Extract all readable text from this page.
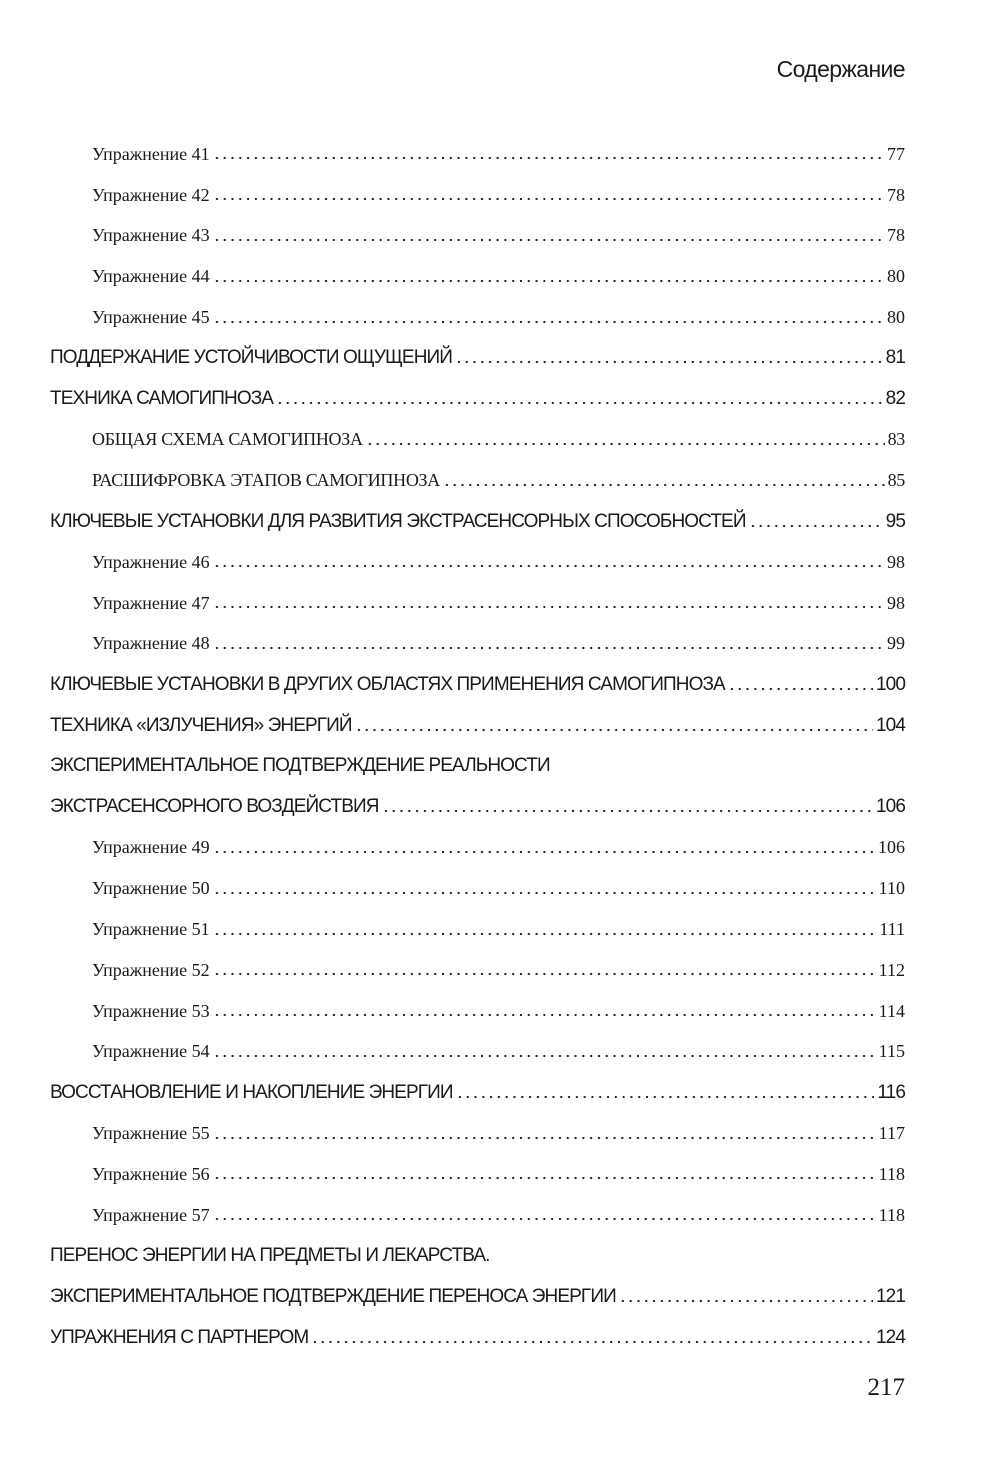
Содержание
Упражнение 41	77
Упражнение 42	78
Упражнение 43	78
Упражнение 44	80
Упражнение 45	80
ПОДДЕРЖАНИЕ УСТОЙЧИВОСТИ ОЩУЩЕНИЙ	81
ТЕХНИКА САМОГИПНОЗА	82
ОБЩАЯ СХЕМА САМОГИПНОЗА	83
РАСШИФРОВКА ЭТАПОВ САМОГИПНОЗА	85
КЛЮЧЕВЫЕ УСТАНОВКИ ДЛЯ РАЗВИТИЯ ЭКСТРАСЕНСОРНЫХ СПОСОБНОСТЕЙ	95
Упражнение 46	98
Упражнение 47	98
Упражнение 48	99
КЛЮЧЕВЫЕ УСТАНОВКИ В ДРУГИХ ОБЛАСТЯХ ПРИМЕНЕНИЯ САМОГИПНОЗА	100
ТЕХНИКА «ИЗЛУЧЕНИЯ» ЭНЕРГИЙ	104
ЭКСПЕРИМЕНТАЛЬНОЕ ПОДТВЕРЖДЕНИЕ РЕАЛЬНОСТИ
ЭКСТРАСЕНСОРНОГО ВОЗДЕЙСТВИЯ	106
Упражнение 49	106
Упражнение 50	110
Упражнение 51	111
Упражнение 52	112
Упражнение 53	114
Упражнение 54	115
ВОССТАНОВЛЕНИЕ И НАКОПЛЕНИЕ ЭНЕРГИИ	116
Упражнение 55	117
Упражнение 56	118
Упражнение 57	118
ПЕРЕНОС ЭНЕРГИИ НА ПРЕДМЕТЫ И ЛЕКАРСТВА.
ЭКСПЕРИМЕНТАЛЬНОЕ ПОДТВЕРЖДЕНИЕ ПЕРЕНОСА ЭНЕРГИИ	121
УПРАЖНЕНИЯ С ПАРТНЕРОМ	124
217
